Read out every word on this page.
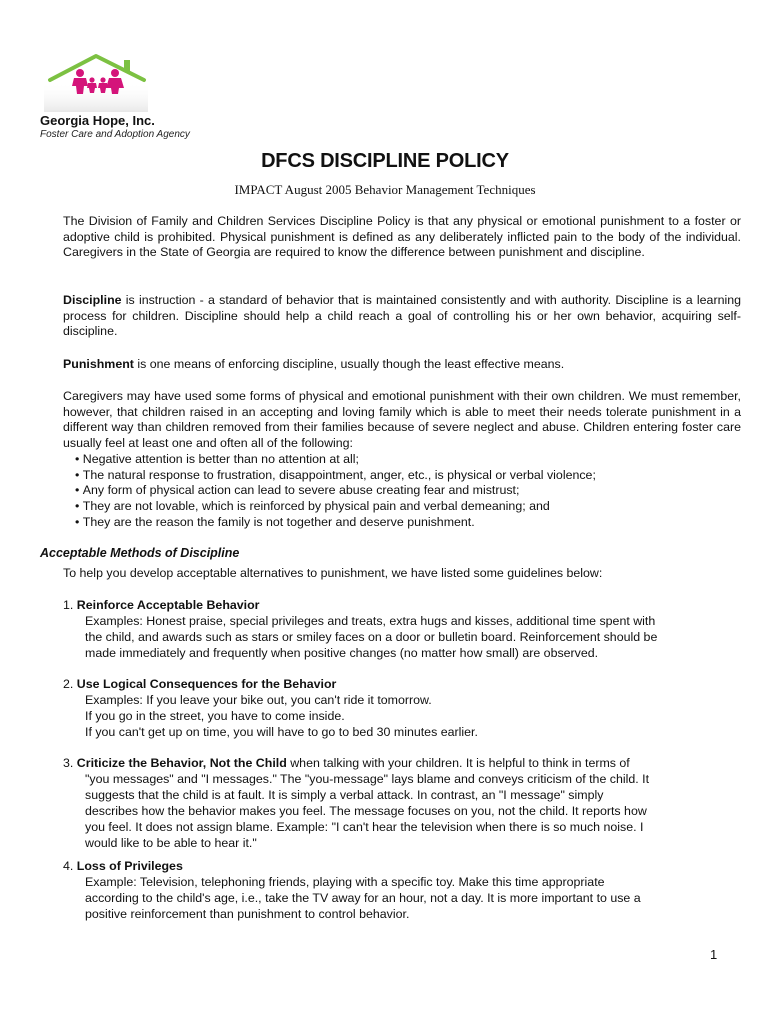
Georgia Hope, Inc.
Foster Care and Adoption Agency
DFCS DISCIPLINE POLICY
IMPACT August 2005 Behavior Management Techniques
The Division of Family and Children Services Discipline Policy is that any physical or emotional punishment to a foster or adoptive child is prohibited. Physical punishment is defined as any deliberately inflicted pain to the body of the individual. Caregivers in the State of Georgia are required to know the difference between punishment and discipline.
Discipline is instruction - a standard of behavior that is maintained consistently and with authority. Discipline is a learning process for children. Discipline should help a child reach a goal of controlling his or her own behavior, acquiring self-discipline.
Punishment is one means of enforcing discipline, usually though the least effective means.
Caregivers may have used some forms of physical and emotional punishment with their own children. We must remember, however, that children raised in an accepting and loving family which is able to meet their needs tolerate punishment in a different way than children removed from their families because of severe neglect and abuse. Children entering foster care usually feel at least one and often all of the following:
• Negative attention is better than no attention at all;
• The natural response to frustration, disappointment, anger, etc., is physical or verbal violence;
• Any form of physical action can lead to severe abuse creating fear and mistrust;
• They are not lovable, which is reinforced by physical pain and verbal demeaning; and
• They are the reason the family is not together and deserve punishment.
Acceptable Methods of Discipline
To help you develop acceptable alternatives to punishment, we have listed some guidelines below:
1. Reinforce Acceptable Behavior
Examples: Honest praise, special privileges and treats, extra hugs and kisses, additional time spent with
the child, and awards such as stars or smiley faces on a door or bulletin board. Reinforcement should be
made immediately and frequently when positive changes (no matter how small) are observed.
2. Use Logical Consequences for the Behavior
Examples: If you leave your bike out, you can't ride it tomorrow.
If you go in the street, you have to come inside.
If you can't get up on time, you will have to go to bed 30 minutes earlier.
3. Criticize the Behavior, Not the Child when talking with your children. It is helpful to think in terms of
"you messages" and "I messages." The "you-message" lays blame and conveys criticism of the child. It
suggests that the child is at fault. It is simply a verbal attack. In contrast, an "I message" simply
describes how the behavior makes you feel. The message focuses on you, not the child. It reports how
you feel. It does not assign blame. Example: "I can't hear the television when there is so much noise. I
would like to be able to hear it."
4. Loss of Privileges
Example: Television, telephoning friends, playing with a specific toy. Make this time appropriate
according to the child's age, i.e., take the TV away for an hour, not a day. It is more important to use a
positive reinforcement than punishment to control behavior.
1
